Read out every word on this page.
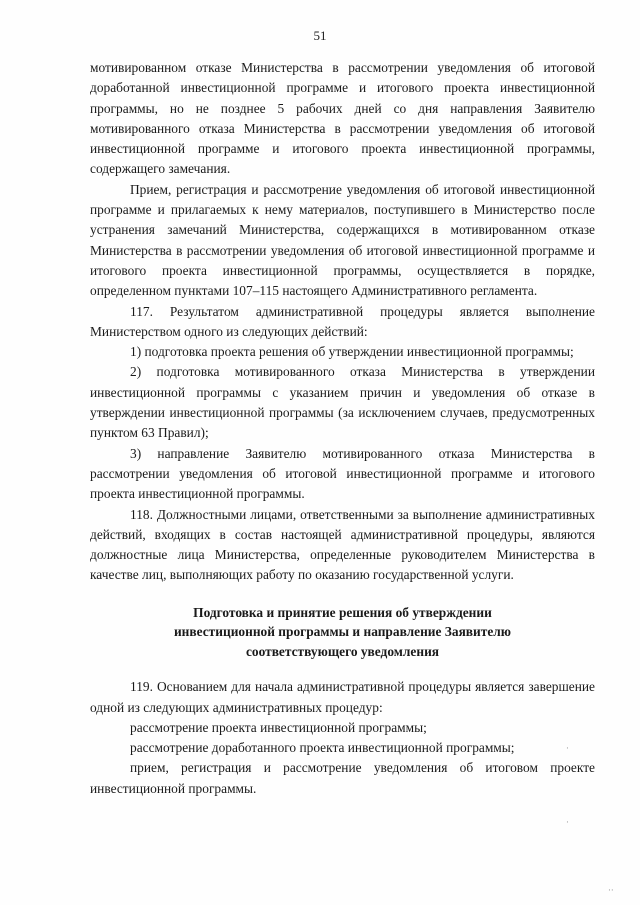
51

мотивированном отказе Министерства в рассмотрении уведомления об итоговой доработанной инвестиционной программе и итогового проекта инвестиционной программы, но не позднее 5 рабочих дней со дня направления Заявителю мотивированного отказа Министерства в рассмотрении уведомления об итоговой инвестиционной программе и итогового проекта инвестиционной программы, содержащего замечания.

Прием, регистрация и рассмотрение уведомления об итоговой инвестиционной программе и прилагаемых к нему материалов, поступившего в Министерство после устранения замечаний Министерства, содержащихся в мотивированном отказе Министерства в рассмотрении уведомления об итоговой инвестиционной программе и итогового проекта инвестиционной программы, осуществляется в порядке, определенном пунктами 107–115 настоящего Административного регламента.

117. Результатом административной процедуры является выполнение Министерством одного из следующих действий:

1) подготовка проекта решения об утверждении инвестиционной программы;

2) подготовка мотивированного отказа Министерства в утверждении инвестиционной программы с указанием причин и уведомления об отказе в утверждении инвестиционной программы (за исключением случаев, предусмотренных пунктом 63 Правил);

3) направление Заявителю мотивированного отказа Министерства в рассмотрении уведомления об итоговой инвестиционной программе и итогового проекта инвестиционной программы.

118. Должностными лицами, ответственными за выполнение административных действий, входящих в состав настоящей административной процедуры, являются должностные лица Министерства, определенные руководителем Министерства в качестве лиц, выполняющих работу по оказанию государственной услуги.

Подготовка и принятие решения об утверждении
инвестиционной программы и направление Заявителю
соответствующего уведомления

119. Основанием для начала административной процедуры является завершение одной из следующих административных процедур:

рассмотрение проекта инвестиционной программы;

рассмотрение доработанного проекта инвестиционной программы;

прием, регистрация и рассмотрение уведомления об итоговом проекте инвестиционной программы.

·
·
··
